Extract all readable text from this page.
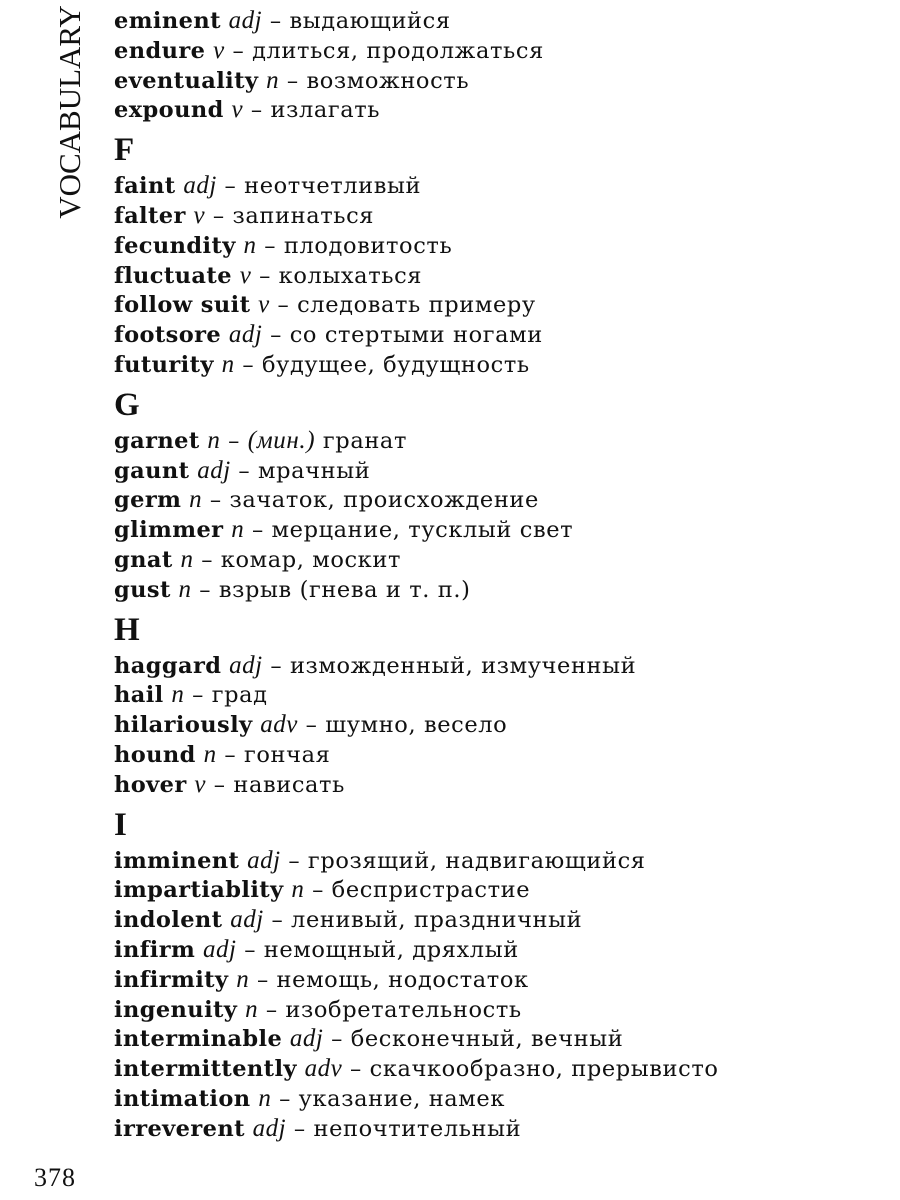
VOCABULARY eminent adj – выдающийся
endure v – длиться, продолжаться
eventuality n – возможность
expound v – излагать
F
faint adj – неотчетливый
falter v – запинаться
fecundity n – плодовитость
fluctuate v – колыхаться
follow suit v – следовать примеру
footsore adj – со стертыми ногами
futurity n – будущее, будущность
G
garnet n – (мин.) гранат
gaunt adj – мрачный
germ n – зачаток, происхождение
glimmer n – мерцание, тусклый свет
gnat n – комар, москит
gust n – взрыв (гнева и т. п.)
H
haggard adj – изможденный, измученный
hail n – град
hilariously adv – шумно, весело
hound n – гончая
hover v – нависать
I
imminent adj – грозящий, надвигающийся
impartiablity n – беспристрастие
indolent adj – ленивый, праздничный
infirm adj – немощный, дряхлый
infirmity n – немощь, нодостаток
ingenuity n – изобретательность
interminable adj – бесконечный, вечный
intermittently adv – скачкообразно, прерывисто
intimation n – указание, намек
irreverent adj – непочтительный
378
